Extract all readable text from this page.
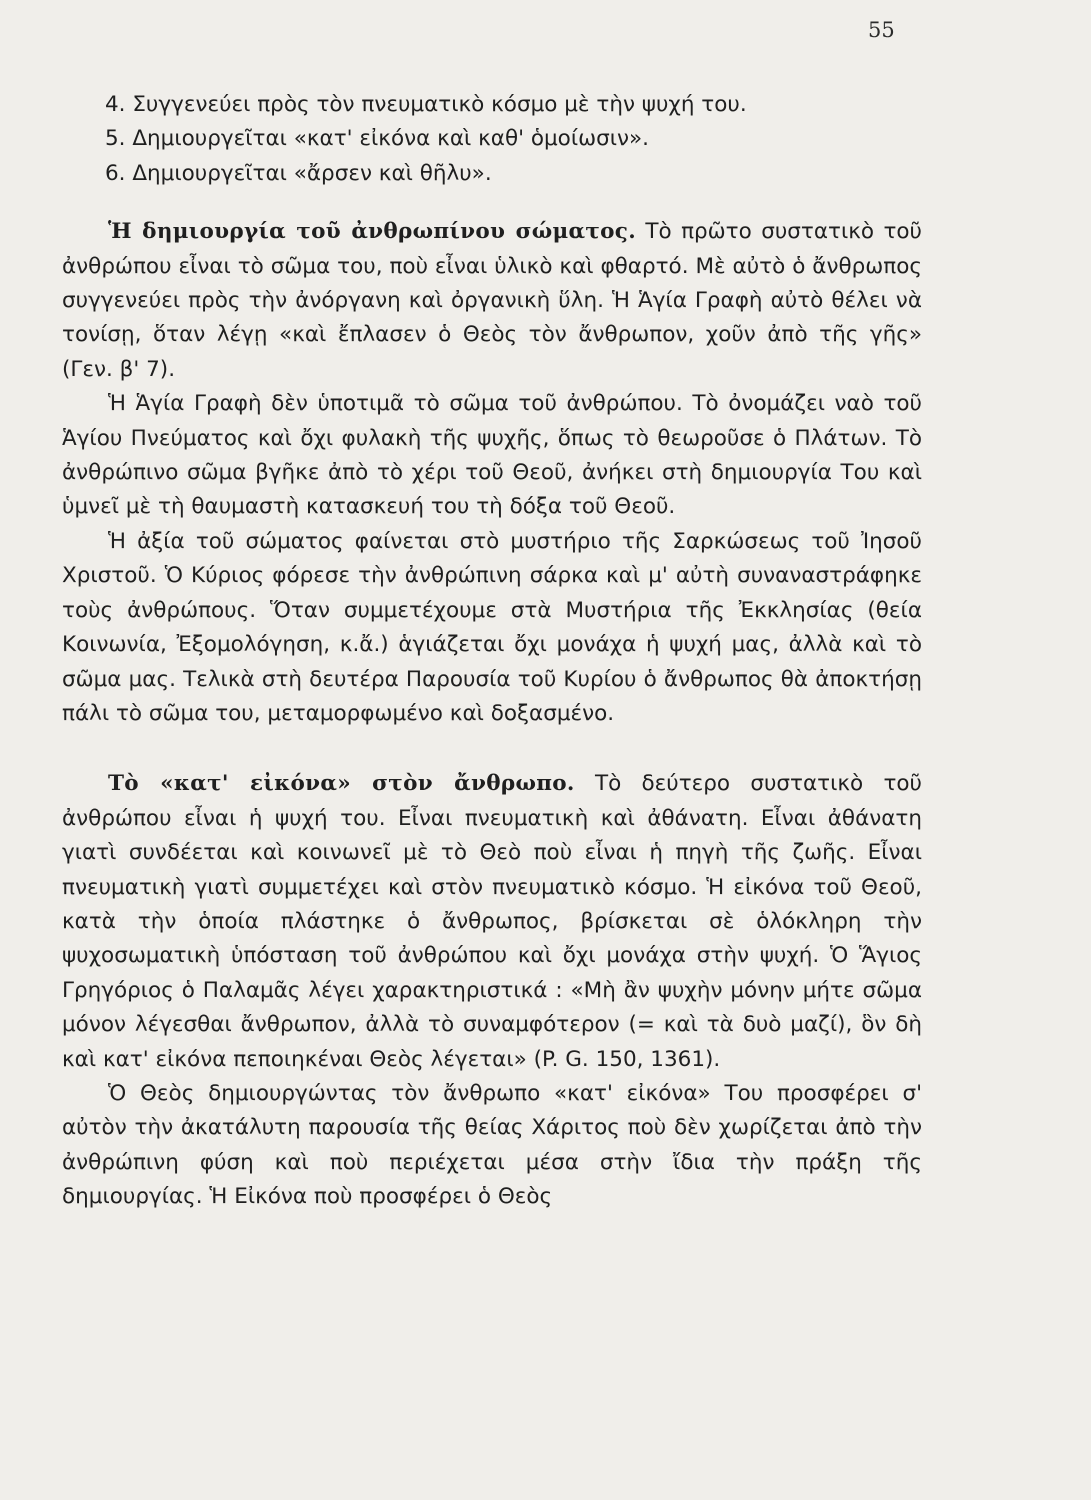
55
4. Συγγενεύει πρὸς τὸν πνευματικὸ κόσμο μὲ τὴν ψυχή του.
5. Δημιουργεῖται «κατ' εἰκόνα καὶ καθ' ὁμοίωσιν».
6. Δημιουργεῖται «ἄρσεν καὶ θῆλυ».

Ἡ δημιουργία τοῦ ἀνθρωπίνου σώματος. Τὸ πρῶτο συστατικὸ τοῦ ἀνθρώπου εἶναι τὸ σῶμα του, ποὺ εἶναι ὑλικὸ καὶ φθαρτό. Μὲ αὐτὸ ὁ ἄνθρωπος συγγενεύει πρὸς τὴν ἀνόργανη καὶ ὀργανικὴ ὕλη. Ἡ Ἁγία Γραφὴ αὐτὸ θέλει νὰ τονίσῃ, ὅταν λέγῃ «καὶ ἔπλασεν ὁ Θεὸς τὸν ἄνθρωπον, χοῦν ἀπὸ τῆς γῆς» (Γεν. β' 7).

Ἡ Ἁγία Γραφὴ δὲν ὑποτιμᾶ τὸ σῶμα τοῦ ἀνθρώπου. Τὸ ὀνομάζει ναὸ τοῦ Ἁγίου Πνεύματος καὶ ὄχι φυλακὴ τῆς ψυχῆς, ὅπως τὸ θεωροῦσε ὁ Πλάτων. Τὸ ἀνθρώπινο σῶμα βγῆκε ἀπὸ τὸ χέρι τοῦ Θεοῦ, ἀνήκει στὴ δημιουργία Του καὶ ὑμνεῖ μὲ τὴ θαυμαστὴ κατασκευή του τὴ δόξα τοῦ Θεοῦ.

Ἡ ἀξία τοῦ σώματος φαίνεται στὸ μυστήριο τῆς Σαρκώσεως τοῦ Ἰησοῦ Χριστοῦ. Ὁ Κύριος φόρεσε τὴν ἀνθρώπινη σάρκα καὶ μ' αὐτὴ συναναστράφηκε τοὺς ἀνθρώπους. Ὅταν συμμετέχουμε στὰ Μυστήρια τῆς Ἐκκλησίας (θεία Κοινωνία, Ἐξομολόγηση, κ.ἄ.) ἁγιάζεται ὄχι μονάχα ἡ ψυχή μας, ἀλλὰ καὶ τὸ σῶμα μας. Τελικὰ στὴ δευτέρα Παρουσία τοῦ Κυρίου ὁ ἄνθρωπος θὰ ἀποκτήσῃ πάλι τὸ σῶμα του, μεταμορφωμένο καὶ δοξασμένο.

Τὸ «κατ' εἰκόνα» στὸν ἄνθρωπο. Τὸ δεύτερο συστατικὸ τοῦ ἀνθρώπου εἶναι ἡ ψυχή του. Εἶναι πνευματικὴ καὶ ἀθάνατη. Εἶναι ἀθάνατη γιατὶ συνδέεται καὶ κοινωνεῖ μὲ τὸ Θεὸ ποὺ εἶναι ἡ πηγὴ τῆς ζωῆς. Εἶναι πνευματικὴ γιατὶ συμμετέχει καὶ στὸν πνευματικὸ κόσμο. Ἡ εἰκόνα τοῦ Θεοῦ, κατὰ τὴν ὁποία πλάστηκε ὁ ἄνθρωπος, βρίσκεται σὲ ὁλόκληρη τὴν ψυχοσωματικὴ ὑπόσταση τοῦ ἀνθρώπου καὶ ὄχι μονάχα στὴν ψυχή. Ὁ Ἅγιος Γρηγόριος ὁ Παλαμᾶς λέγει χαρακτηριστικά : «Μὴ ἂν ψυχὴν μόνην μήτε σῶμα μόνον λέγεσθαι ἄνθρωπον, ἀλλὰ τὸ συναμφότερον (= καὶ τὰ δυὸ μαζί), ὃν δὴ καὶ κατ' εἰκόνα πεποιηκέναι Θεὸς λέγεται» (P. G. 150, 1361).

Ὁ Θεὸς δημιουργώντας τὸν ἄνθρωπο «κατ' εἰκόνα» Του προσφέρει σ' αὐτὸν τὴν ἀκατάλυτη παρουσία τῆς θείας Χάριτος ποὺ δὲν χωρίζεται ἀπὸ τὴν ἀνθρώπινη φύση καὶ ποὺ περιέχεται μέσα στὴν ἴδια τὴν πράξη τῆς δημιουργίας. Ἡ Εἰκόνα ποὺ προσφέρει ὁ Θεὸς
